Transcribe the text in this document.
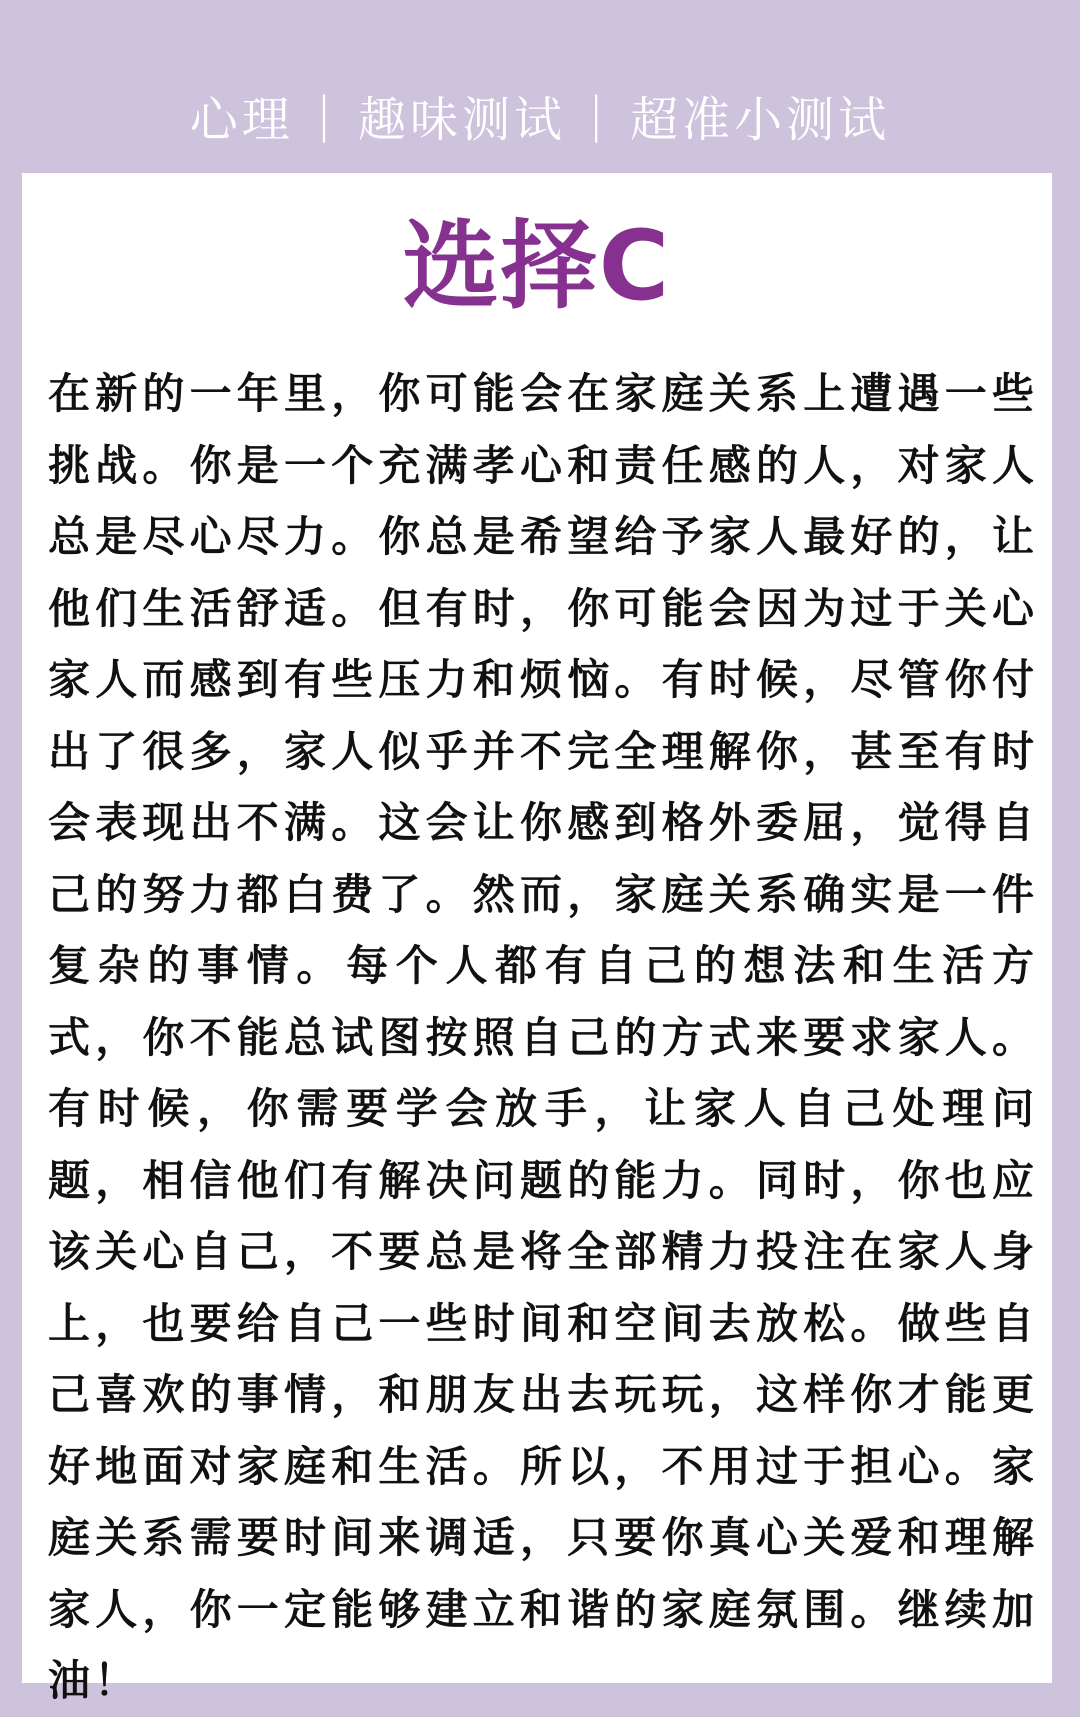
心理 | 趣味测试 | 超准小测试
选择C

在新的一年里，你可能会在家庭关系上遭遇一些挑战。你是一个充满孝心和责任感的人，对家人总是尽心尽力。你总是希望给予家人最好的，让他们生活舒适。但有时，你可能会因为过于关心家人而感到有些压力和烦恼。有时候，尽管你付出了很多，家人似乎并不完全理解你，甚至有时会表现出不满。这会让你感到格外委屈，觉得自己的努力都白费了。然而，家庭关系确实是一件复杂的事情。每个人都有自己的想法和生活方式，你不能总试图按照自己的方式来要求家人。有时候，你需要学会放手，让家人自己处理问题，相信他们有解决问题的能力。同时，你也应该关心自己，不要总是将全部精力投注在家人身上，也要给自己一些时间和空间去放松。做些自己喜欢的事情，和朋友出去玩玩，这样你才能更好地面对家庭和生活。所以，不用过于担心。家庭关系需要时间来调适，只要你真心关爱和理解家人，你一定能够建立和谐的家庭氛围。继续加油！
